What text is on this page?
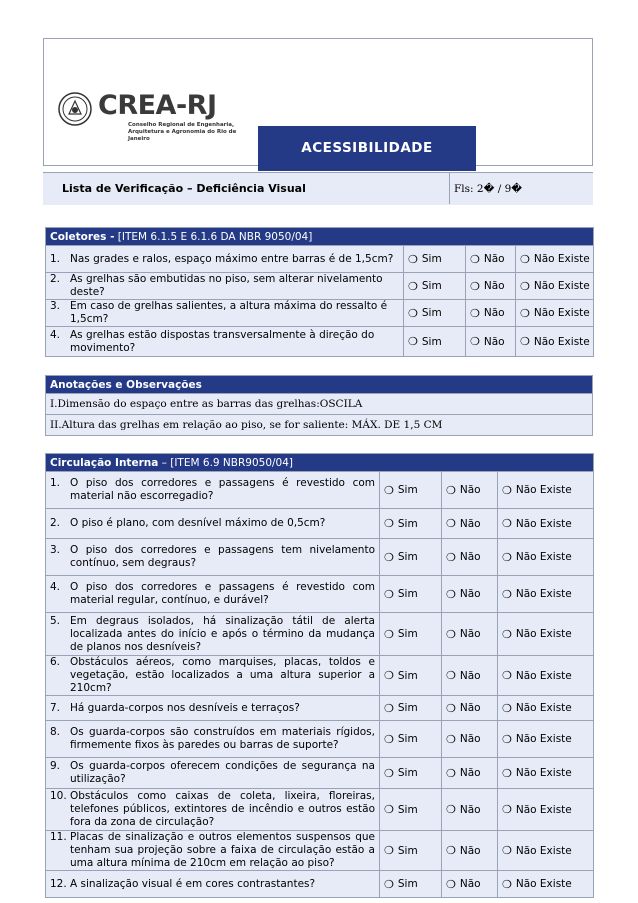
CREA-RJ
Conselho Regional de Engenharia, Arquitetura e Agronomia do Rio de Janeiro
ACESSIBILIDADE
Lista de Verificação – Deficiência Visual	Fls: 2� / 9�
Coletores - [ITEM 6.1.5 E 6.1.6 DA NBR 9050/04]			

1. Nas grades e ralos, espaço máximo entre barras é de 1,5cm?	❍ Sim	❍ Não	❍ Não Existe

2. As grelhas são embutidas no piso, sem alterar nivelamento deste?	❍ Sim	❍ Não	❍ Não Existe

3. Em caso de grelhas salientes, a altura máxima do ressalto é 1,5cm?	❍ Sim	❍ Não	❍ Não Existe

4. As grelhas estão dispostas transversalmente à direção do movimento?	❍ Sim	❍ Não	❍ Não Existe
Anotações e Observações
I.Dimensão do espaço entre as barras das grelhas:OSCILA
II.Altura das grelhas em relação ao piso, se for saliente: MÁX. DE 1,5 CM
Circulação Interna – [ITEM 6.9 NBR9050/04]			

1. O piso dos corredores e passagens é revestido com material não escorregadio?	❍ Sim	❍ Não	❍ Não Existe

2. O piso é plano, com desnível máximo de 0,5cm?	❍ Sim	❍ Não	❍ Não Existe

3. O piso dos corredores e passagens tem nivelamento contínuo, sem degraus?	❍ Sim	❍ Não	❍ Não Existe

4. O piso dos corredores e passagens é revestido com material regular, contínuo, e durável?	❍ Sim	❍ Não	❍ Não Existe

5. Em degraus isolados, há sinalização tátil de alerta localizada antes do início e após o término da mudança de planos nos desníveis?	❍ Sim	❍ Não	❍ Não Existe

6. Obstáculos aéreos, como marquises, placas, toldos e vegetação, estão localizados a uma altura superior a 210cm?	❍ Sim	❍ Não	❍ Não Existe

7. Há guarda-corpos nos desníveis e terraços?	❍ Sim	❍ Não	❍ Não Existe

8. Os guarda-corpos são construídos em materiais rígidos, firmemente fixos às paredes ou barras de suporte?	❍ Sim	❍ Não	❍ Não Existe

9. Os guarda-corpos oferecem condições de segurança na utilização?	❍ Sim	❍ Não	❍ Não Existe

10. Obstáculos como caixas de coleta, lixeira, floreiras, telefones públicos, extintores de incêndio e outros estão fora da zona de circulação?	❍ Sim	❍ Não	❍ Não Existe

11. Placas de sinalização e outros elementos suspensos que tenham sua projeção sobre a faixa de circulação estão a uma altura mínima de 210cm em relação ao piso?	❍ Sim	❍ Não	❍ Não Existe

12. A sinalização visual é em cores contrastantes?	❍ Sim	❍ Não	❍ Não Existe
